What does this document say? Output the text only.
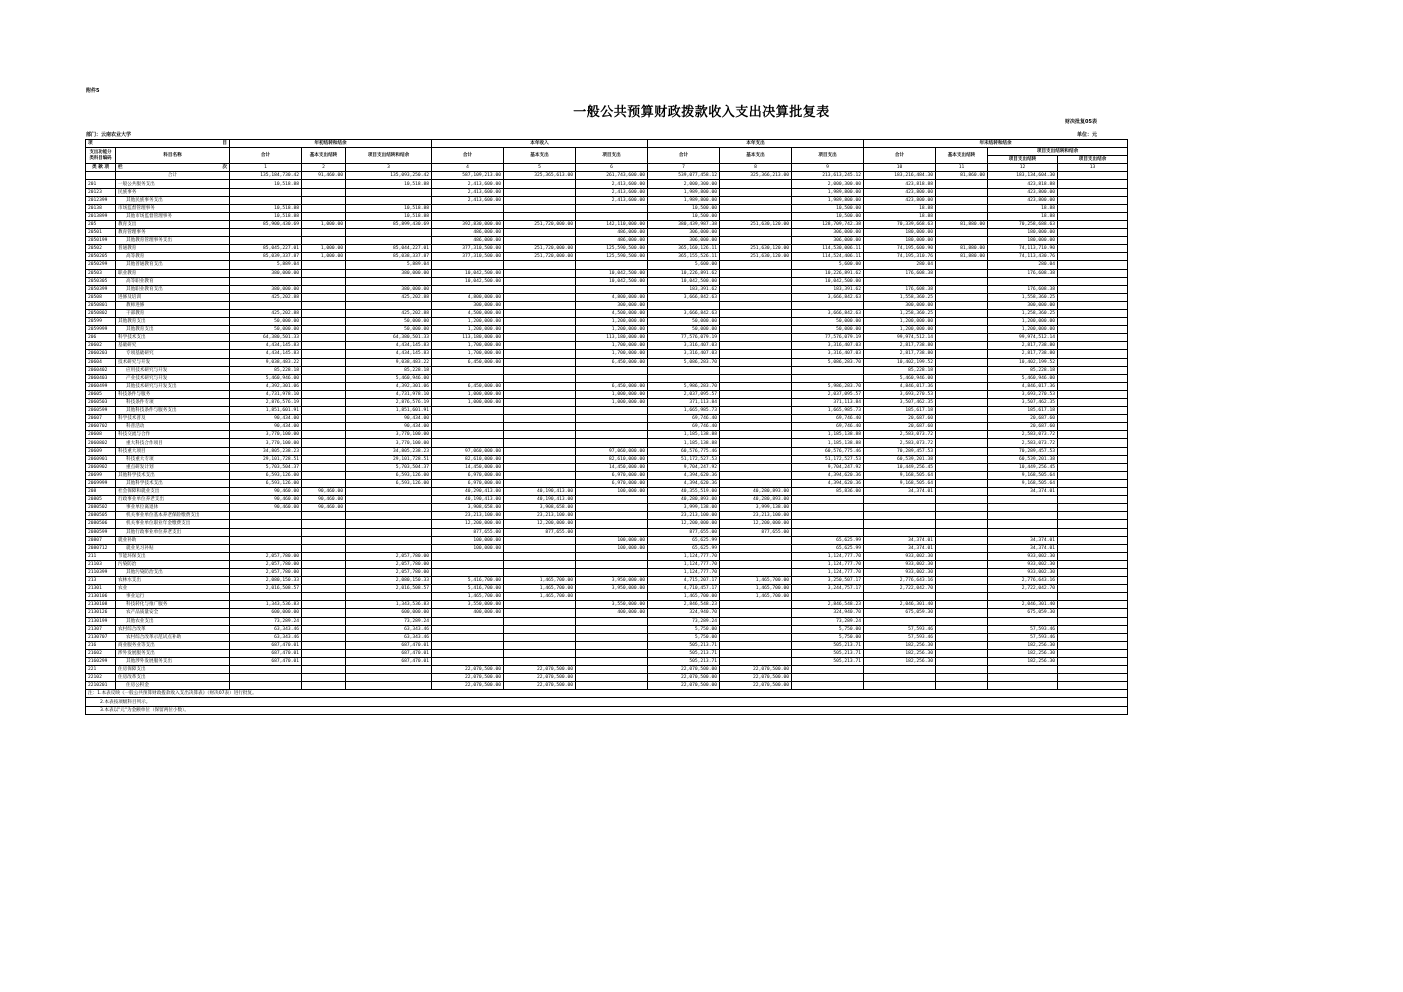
附件5
一般公共预算财政拨款收入支出决算批复表
财决批复05表
部门：云南农业大学	单位：元
项	目	年初结转和结余			本年收入			本年支出			年末结转和结余			
支出功能分类科目编码	科目名称	合计	基本支出结转	项目支出结转和结余	合计	基本支出	项目支出	合计	基本支出	项目支出	合计	基本支出结转	项目支出结转和结余	
													项目支出结转	项目支出结余
类 款 项	栏 次	1	2	3	4	5	6	7	8	9	10	11	12	13
	合计	135,184,730.42	91,460.00	135,093,250.42	587,109,213.00	325,365,613.00	261,743,600.00	539,077,458.12	325,366,213.00	213,613,245.12	183,216,484.30	81,860.00	183,134,604.30	
201	一般公共服务支出	10,518.88		10,518.88	2,413,600.00		2,413,600.00	2,000,300.00		2,000,300.00	423,818.88		423,818.88	
20123	民族事务				2,413,600.00		2,413,600.00	1,989,800.00		1,989,800.00	423,800.00		423,800.00	
2012399	其他民族事务支出				2,413,600.00		2,413,600.00	1,989,800.00		1,989,800.00	423,800.00		423,800.00	
20138	市场监督管理事务	10,518.88		10,518.88				10,500.00		10,500.00	18.88		18.88	
2013899	其他市场监督管理事务	10,518.88		10,518.88				10,500.00		10,500.00	18.88		18.88	
205	教育支出	85,900,430.69	1,000.00	85,899,430.69	392,830,000.00	251,720,000.00	142,110,000.00	380,439,987.38	251,630,120.00	128,709,742.38	70,339,668.63	81,880.00	70,258,688.63	
20501	教育管理事务				486,000.00		486,000.00	306,000.00		306,000.00	180,000.00		180,000.00	
2050199	其他教育管理事务支出				486,000.00		486,000.00	306,000.00		306,000.00	180,000.00		180,000.00	
20502	普通教育	85,045,227.01	1,000.00	85,044,227.01	377,310,500.00	251,720,000.00	125,590,500.00	365,160,126.11	251,630,120.00	114,530,006.11	74,195,600.90	81,880.00	74,113,710.90	
2050205	高等教育	85,039,337.87	1,000.00	85,038,337.87	377,310,500.00	251,720,000.00	125,590,500.00	365,155,526.11	251,630,120.00	114,524,406.11	74,195,310.76	81,880.00	74,113,430.76	
2050299	其他普通教育支出	5,889.04		5,889.04				5,600.00		5,600.00	280.04		280.04	
20503	职业教育	380,000.00		380,000.00	10,042,500.00		10,042,500.00	10,226,891.62		10,226,891.62	176,608.38		176,608.38	
2050305	高等职业教育				10,042,500.00		10,042,500.00	10,042,500.00		10,042,500.00				
2050399	其他职业教育支出	380,000.00		380,000.00				183,391.62		183,391.62	176,608.38		176,608.38	
20508	进修及培训	425,202.88		425,202.88	4,800,000.00		4,800,000.00	3,666,842.63		3,666,842.63	1,558,360.25		1,558,360.25	
2050801	教师进修				300,000.00		300,000.00				300,000.00		300,000.00	
2050802	干部教育	425,202.88		425,202.88	4,500,000.00		4,500,000.00	3,666,842.63		3,666,842.63	1,258,360.25		1,258,360.25	
20599	其他教育支出	50,000.00		50,000.00	1,200,000.00		1,200,000.00	50,000.00		50,000.00	1,200,000.00		1,200,000.00	
2059999	其他教育支出	50,000.00		50,000.00	1,200,000.00		1,200,000.00	50,000.00		50,000.00	1,200,000.00		1,200,000.00	
206	科学技术支出	64,380,501.33		64,380,501.33	113,180,000.00		113,180,000.00	77,576,079.19		77,576,079.19	99,974,512.14		99,974,512.14	
20602	基础研究	4,434,145.83		4,434,145.83	1,700,000.00		1,700,000.00	3,316,407.03		3,316,407.03	2,817,738.80		2,817,738.80	
2060203	专项基础研究	4,434,145.83		4,434,145.83	1,700,000.00		1,700,000.00	3,316,407.03		3,316,407.03	2,817,738.80		2,817,738.80	
20604	技术研究与开发	9,038,483.22		9,038,483.22	6,450,000.00		6,450,000.00	5,086,283.70		5,086,283.70	10,402,199.52		10,402,199.52	
2060402	应用技术研究与开发	85,228.18		85,228.18							85,228.18		85,228.18	
2060403	产业技术研究与开发	5,460,946.00		5,460,946.00							5,460,946.00		5,460,946.00	
2060499	其他技术研究与开发支出	4,392,301.06		4,392,301.06	6,450,000.00		6,450,000.00	5,986,283.70		5,986,283.70	4,846,017.36		4,846,017.36	
20605	科技条件与服务	4,731,978.10		4,731,978.10	1,000,000.00		1,000,000.00	2,037,095.57		2,037,095.57	3,693,270.53		3,693,270.53	
2060503	科技条件专项	2,876,576.19		2,876,576.19	1,000,000.00		1,000,000.00	371,113.84		371,113.84	3,507,462.35		3,507,462.35	
2060599	其他科技条件与服务支出	1,851,601.91		1,851,601.91				1,665,985.73		1,665,985.73	185,617.18		185,617.18	
20607	科学技术普及	90,434.00		90,434.00				69,746.40		69,746.40	20,687.60		20,687.60	
2060702	科普活动	90,434.00		90,434.00				69,746.40		69,746.40	20,687.60		20,687.60	
20608	科技交流与合作	3,770,100.00		3,770,100.00				1,185,138.88		1,185,138.88	2,583,073.72		2,583,073.72	
2060802	重大科技合作项目	3,770,100.00		3,770,100.00				1,185,138.88		1,185,138.88	2,583,073.72		2,583,073.72	
20609	科技重大项目	34,805,238.23		34,805,238.23	97,060,000.00		97,060,000.00	60,576,775.46		60,576,775.46	70,289,457.53		70,289,457.53	
2060901	科技重大专项	29,101,728.51		29,101,728.51	82,610,000.00		82,610,000.00	51,172,527.53		51,172,527.53	60,539,201.38		60,539,201.38	
2060902	重点研发计划	5,703,504.37		5,703,504.37	14,450,000.00		14,450,000.00	9,704,247.92		9,704,247.92	10,449,256.45		10,449,256.45	
20699	其他科学技术支出	6,593,126.00		6,593,126.00	6,970,000.00		6,970,000.00	4,394,620.36		4,394,620.36	9,168,505.64		9,168,505.64	
2069999	其他科学技术支出	6,593,126.00		6,593,126.00	6,970,000.00		6,970,000.00	4,394,620.36		4,394,620.36	9,168,505.64		9,168,505.64	
208	社会保障和就业支出	90,460.00	90,460.00		40,290,413.00	40,190,413.00	100,000.00	40,355,519.00	40,280,893.00	85,836.00	34,374.01		34,374.01	
20805	行政事业单位养老支出	90,460.00	90,460.00		40,190,413.00	40,190,413.00		40,280,893.00	40,280,893.00					
2080502	事业单位离退休	90,460.00	90,460.00		3,908,658.00	3,908,658.00		3,999,138.00	3,999,138.00					
2080505	机关事业单位基本养老保险缴费支出				23,213,100.00	23,213,100.00		23,213,100.00	23,213,100.00					
2080506	机关事业单位职业年金缴费支出				12,200,000.00	12,200,000.00		12,200,000.00	12,200,000.00					
2080599	其他行政事业单位养老支出				877,655.00	877,655.00		877,655.00	877,655.00					
20807	就业补助				100,000.00		100,000.00	65,625.99		65,625.99	34,374.01		34,374.01	
2080712	就业见习补贴				100,000.00		100,000.00	65,625.99		65,625.99	34,374.01		34,374.01	
211	节能环保支出	2,057,780.00		2,057,780.00				1,124,777.70		1,124,777.70	933,002.30		933,002.30	
21103	污染防治	2,057,780.00		2,057,780.00				1,124,777.70		1,124,777.70	933,002.30		933,002.30	
2110399	其他污染防治支出	2,057,780.00		2,057,780.00				1,124,777.70		1,124,777.70	933,002.30		933,002.30	
213	农林水支出	2,080,150.33		2,080,150.33	5,416,700.00	1,465,700.00	3,950,000.00	4,715,207.17	1,465,700.00	3,250,507.17	2,776,643.16		2,776,643.16	
21301	农业	2,016,508.57		2,016,508.57	5,416,700.00	1,465,700.00	3,950,000.00	4,710,457.17	1,465,700.00	3,244,757.17	2,722,042.70		2,722,042.70	
2130106	事业运行				1,465,700.00	1,465,700.00		1,465,700.00	1,465,700.00					
2130108	科技转化与推广服务	1,343,536.83		1,343,536.83	3,550,000.00		3,550,000.00	2,846,548.23		2,846,548.23	2,046,301.40		2,046,301.40	
2130126	农产品质量安全	600,000.00		600,000.00	400,000.00		400,000.00	324,940.70		324,940.70	675,059.30		675,059.30	
2130199	其他农业支出	73,289.24		73,289.24				73,289.24		73,289.24				
21307	农村综合改革	63,343.46		63,343.46				5,750.00		5,750.00	57,593.46		57,593.46	
2130707	农村综合改革示范试点补助	63,343.46		63,343.46				5,750.00		5,750.00	57,593.46		57,593.46	
216	商业服务业等支出	687,470.01		687,470.01				505,213.71		505,213.71	182,256.30		182,256.30	
21602	涉外发展服务支出	687,470.01		687,470.01				505,213.71		505,213.71	182,256.30		182,256.30	
2160299	其他涉外发展服务支出	687,470.01		687,470.01				505,213.71		505,213.71	182,256.30		182,256.30	
221	住房保障支出				22,070,500.00	22,070,500.00		22,070,500.00	22,070,500.00					
22102	住房改革支出				22,070,500.00	22,070,500.00		22,070,500.00	22,070,500.00					
2210201	住房公积金				22,070,500.00	22,070,500.00		22,070,500.00	22,070,500.00					
注：1.本表反映《一般公共预算财政拨款收入支出决算表》（财决07表）进行批复。														
2.本表按项级科目列示。														
3.本表以"元"为金额单位（保留两位小数）。														
